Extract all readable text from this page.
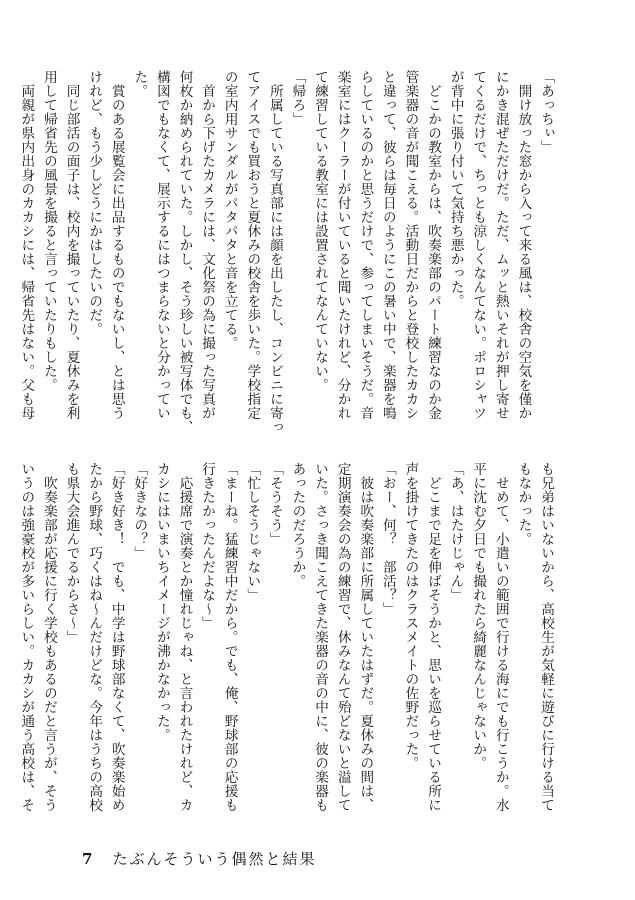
「あっちぃ」
　開け放った窓から入って来る風は、校舎の空気を僅か
にかき混ぜただけだ。ただ、ムッと熱いそれが押し寄せ
てくるだけで、ちっとも涼しくなんてない。ポロシャツ
が背中に張り付いて気持ち悪かった。
　どこかの教室からは、吹奏楽部のパート練習なのか金
管楽器の音が聞こえる。活動日だからと登校したカカシ
と違って、彼らは毎日のようにこの暑い中で、楽器を鳴
らしているのかと思うだけで、参ってしまいそうだ。音
楽室にはクーラーが付いていると聞いたけれど、分かれ
て練習している教室には設置されてなんていない。
「帰ろ」
　所属している写真部には顔を出したし、コンビニに寄っ
てアイスでも買おうと夏休みの校舎を歩いた。学校指定
の室内用サンダルがパタパタと音を立てる。
　首から下げたカメラには、文化祭の為に撮った写真が
何枚か納められていた。しかし、そう珍しい被写体でも、
構図でもなくて、展示するにはつまらないと分かってい
た。
　賞のある展覧会に出品するものでもないし、とは思う
けれど、もう少しどうにかはしたいのだ。
　同じ部活の面子は、校内を撮っていたり、夏休みを利
用して帰省先の風景を撮ると言っていたりもした。
　両親が県内出身のカカシには、帰省先はない。父も母
も兄弟はいないから、高校生が気軽に遊びに行ける当て
もなかった。
　せめて、小遣いの範囲で行ける海にでも行こうか。水
平に沈む夕日でも撮れたら綺麗なんじゃないか。
「あ、はたけじゃん」
　どこまで足を伸ばそうかと、思いを巡らせている所に
声を掛けてきたのはクラスメイトの佐野だった。
「おー、何？　部活？」
　彼は吹奏楽部に所属していたはずだ。夏休みの間は、
定期演奏会の為の練習で、休みなんて殆どないと溢して
いた。さっき聞こえてきた楽器の音の中に、彼の楽器も
あったのだろうか。
「そうそう」
「忙しそうじゃない」
「まーね。猛練習中だから。でも、俺、野球部の応援も
行きたかったんだよな〜」
　応援席で演奏とか憧れじゃね、と言われたけれど、カ
カシにはいまいちイメージが沸かなかった。
「好きなの？」
「好き好き！　でも、中学は野球部なくて、吹奏楽始め
たから野球、巧くはね〜んだけどな。今年はうちの高校
も県大会進んでるからさ〜」
　吹奏楽部が応援に行く学校もあるのだと言うが、そう
いうのは強豪校が多いらしい。カカシが通う高校は、そ
7 たぶんそういう偶然と結果
